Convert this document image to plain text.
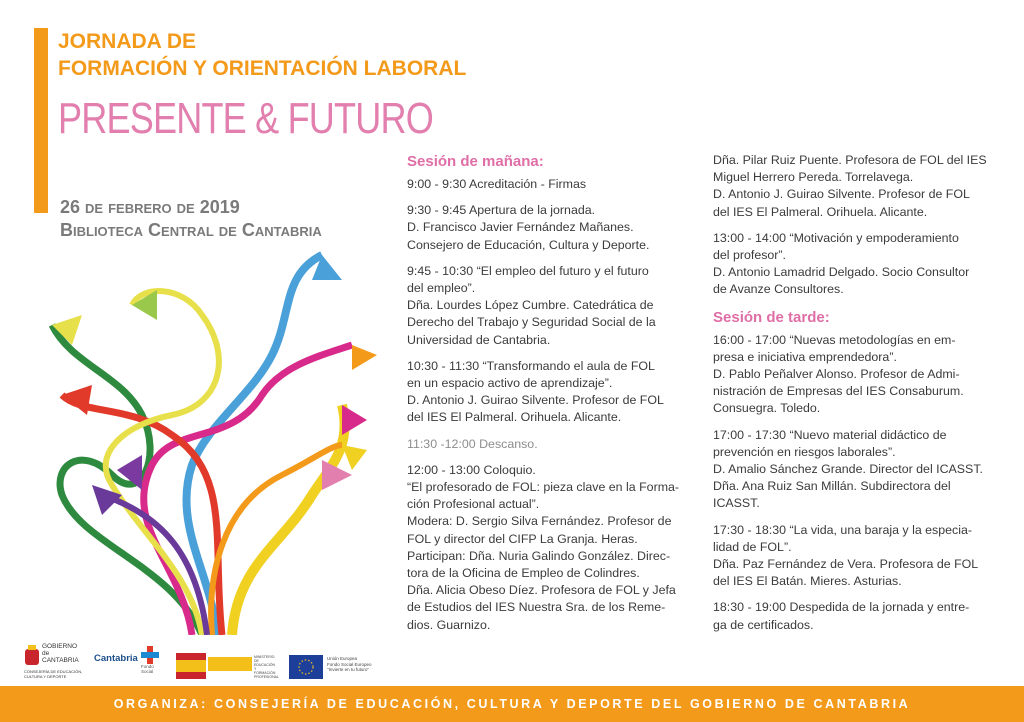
JORNADA DE
FORMACIÓN Y ORIENTACIÓN LABORAL
PRESENTE & FUTURO
26 de febrero de 2019
Biblioteca Central de Cantabria
Sesión de mañana:

9:00 - 9:30 Acreditación - Firmas

9:30 - 9:45 Apertura de la jornada.

D. Francisco Javier Fernández Mañanes.

Consejero de Educación, Cultura y Deporte.

9:45 - 10:30 “El empleo del futuro y el futuro

del empleo”.

Dña. Lourdes López Cumbre. Catedrática de

Derecho del Trabajo y Seguridad Social de la

Universidad de Cantabria.

10:30 - 11:30 “Transformando el aula de FOL

en un espacio activo de aprendizaje”.

D. Antonio J. Guirao Silvente. Profesor de FOL

del IES El Palmeral. Orihuela. Alicante.

11:30 -12:00 Descanso.

12:00 - 13:00 Coloquio.

“El profesorado de FOL: pieza clave en la Forma-

ción Profesional actual”.

Modera: D. Sergio Silva Fernández. Profesor de

FOL y director del CIFP La Granja. Heras.

Participan: Dña. Nuria Galindo González. Direc-

tora de la Oficina de Empleo de Colindres.

Dña. Alicia Obeso Díez. Profesora de FOL y Jefa

de Estudios del IES Nuestra Sra. de los Reme-

dios. Guarnizo.

Dña. Pilar Ruiz Puente. Profesora de FOL del IES

Miguel Herrero Pereda. Torrelavega.

D. Antonio J. Guirao Silvente. Profesor de FOL

del IES El Palmeral. Orihuela. Alicante.

13:00 - 14:00 “Motivación y empoderamiento

del profesor”.

D. Antonio Lamadrid Delgado. Socio Consultor

de Avanze Consultores.

Sesión de tarde:

16:00 - 17:00 “Nuevas metodologías en em-

presa e iniciativa emprendedora”.

D. Pablo Peñalver Alonso. Profesor de Admi-

nistración de Empresas del IES Consaburum.

Consuegra. Toledo.

17:00 - 17:30 “Nuevo material didáctico de

prevención en riesgos laborales”.

D. Amalio Sánchez Grande. Director del ICASST.

Dña. Ana Ruiz San Millán. Subdirectora del

ICASST.

17:30 - 18:30 “La vida, una baraja y la especia-

lidad de FOL”.

Dña. Paz Fernández de Vera. Profesora de FOL

del IES El Batán. Mieres. Asturias.

18:30 - 19:00 Despedida de la jornada y entre-

ga de certificados.

GOBIERNO
de
CANTABRIA
CONSEJERÍA DE EDUCACIÓN,
CULTURA Y DEPORTE
Cantabria
Fondo
Social
MINISTERIO DE EDUCACIÓN Y FORMACIÓN PROFESIONAL
Unión Europea
Fondo Social Europeo
"Invierte en tu futuro"
ORGANIZA: CONSEJERÍA DE EDUCACIÓN, CULTURA Y DEPORTE DEL GOBIERNO DE CANTABRIA
